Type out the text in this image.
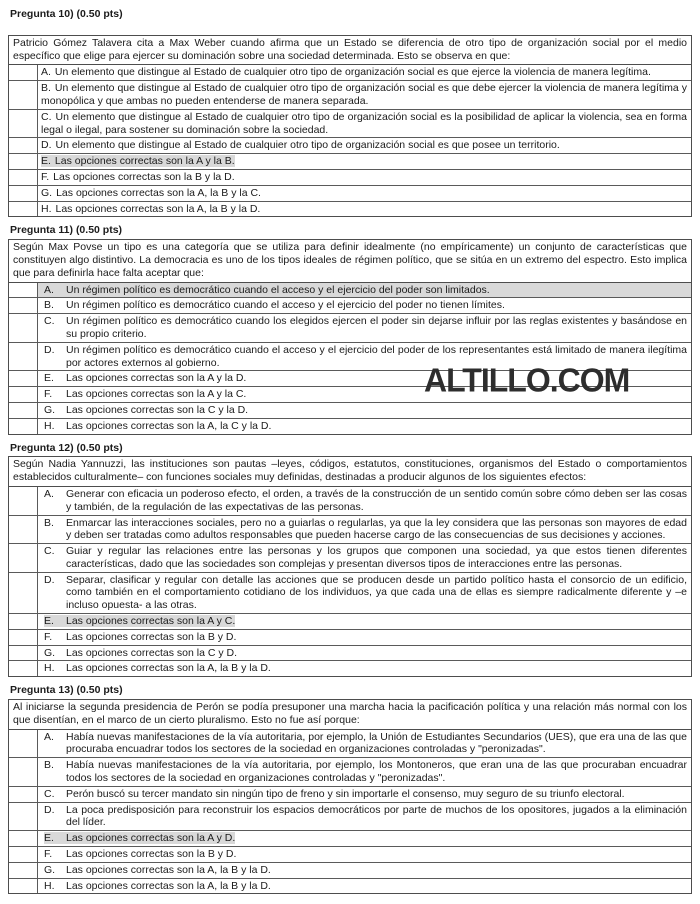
Pregunta 10) (0.50 pts)
Patricio Gómez Talavera cita a Max Weber cuando afirma que un Estado se diferencia de otro tipo de organización social por el medio específico que elige para ejercer su dominación sobre una sociedad determinada. Esto se observa en que:
A. Un elemento que distingue al Estado de cualquier otro tipo de organización social es que ejerce la violencia de manera legítima.
B. Un elemento que distingue al Estado de cualquier otro tipo de organización social es que debe ejercer la violencia de manera legítima y monopólica y que ambas no pueden entenderse de manera separada.
C. Un elemento que distingue al Estado de cualquier otro tipo de organización social es la posibilidad de aplicar la violencia, sea en forma legal o ilegal, para sostener su dominación sobre la sociedad.
D. Un elemento que distingue al Estado de cualquier otro tipo de organización social es que posee un territorio.
E. Las opciones correctas son la A y la B.
F. Las opciones correctas son la B y la D.
G. Las opciones correctas son la A, la B y la C.
H. Las opciones correctas son la A, la B y la D.
Pregunta 11) (0.50 pts)
Según Max Povse un tipo es una categoría que se utiliza para definir idealmente (no empíricamente) un conjunto de características que constituyen algo distintivo. La democracia es uno de los tipos ideales de régimen político, que se sitúa en un extremo del espectro. Esto implica que para definirla hace falta aceptar que:
A. Un régimen político es democrático cuando el acceso y el ejercicio del poder son limitados.
B. Un régimen político es democrático cuando el acceso y el ejercicio del poder no tienen límites.
C. Un régimen político es democrático cuando los elegidos ejercen el poder sin dejarse influir por las reglas existentes y basándose en su propio criterio.
D. Un régimen político es democrático cuando el acceso y el ejercicio del poder de los representantes está limitado de manera ilegítima por actores externos al gobierno.
E. Las opciones correctas son la A y la D.
F. Las opciones correctas son la A y la C.
G. Las opciones correctas son la C y la D.
H. Las opciones correctas son la A, la C y la D.
Pregunta 12) (0.50 pts)
Según Nadia Yannuzzi, las instituciones son pautas –leyes, códigos, estatutos, constituciones, organismos del Estado o comportamientos establecidos culturalmente– con funciones sociales muy definidas, destinadas a producir algunos de los siguientes efectos:
A. Generar con eficacia un poderoso efecto, el orden, a través de la construcción de un sentido común sobre cómo deben ser las cosas y también, de la regulación de las expectativas de las personas.
B. Enmarcar las interacciones sociales, pero no a guiarlas o regularlas, ya que la ley considera que las personas son mayores de edad y deben ser tratadas como adultos responsables que pueden hacerse cargo de las consecuencias de sus decisiones y acciones.
C. Guiar y regular las relaciones entre las personas y los grupos que componen una sociedad, ya que estos tienen diferentes características, dado que las sociedades son complejas y presentan diversos tipos de interacciones entre las personas.
D. Separar, clasificar y regular con detalle las acciones que se producen desde un partido político hasta el consorcio de un edificio, como también en el comportamiento cotidiano de los individuos, ya que cada una de ellas es siempre radicalmente diferente y –e incluso opuesta- a las otras.
E. Las opciones correctas son la A y C.
F. Las opciones correctas son la B y D.
G. Las opciones correctas son la C y D.
H. Las opciones correctas son la A, la B y la D.
Pregunta 13) (0.50 pts)
Al iniciarse la segunda presidencia de Perón se podía presuponer una marcha hacia la pacificación política y una relación más normal con los que disentían, en el marco de un cierto pluralismo. Esto no fue así porque:
A. Había nuevas manifestaciones de la vía autoritaria, por ejemplo, la Unión de Estudiantes Secundarios (UES), que era una de las que procuraba encuadrar todos los sectores de la sociedad en organizaciones controladas y "peronizadas".
B. Había nuevas manifestaciones de la vía autoritaria, por ejemplo, los Montoneros, que eran una de las que procuraban encuadrar todos los sectores de la sociedad en organizaciones controladas y "peronizadas".
C. Perón buscó su tercer mandato sin ningún tipo de freno y sin importarle el consenso, muy seguro de su triunfo electoral.
D. La poca predisposición para reconstruir los espacios democráticos por parte de muchos de los opositores, jugados a la eliminación del líder.
E. Las opciones correctas son la A y D.
F. Las opciones correctas son la B y D.
G. Las opciones correctas son la A, la B y la D.
H. Las opciones correctas son la A, la B y la D.
ALTILLO.COM
